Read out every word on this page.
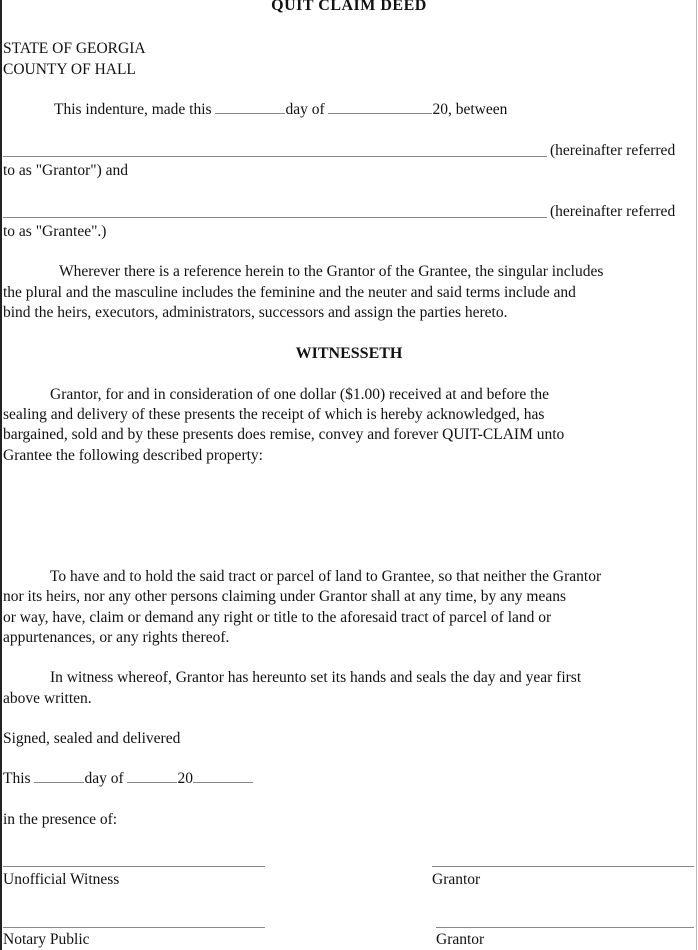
QUIT CLAIM DEED
STATE OF GEORGIA
COUNTY OF HALL
This indenture, made this	day of	20, between
(hereinafter referred
to as "Grantor") and
(hereinafter referred
to as "Grantee".)
Wherever there is a reference herein to the Grantor of the Grantee, the singular includes
the plural and the masculine includes the feminine and the neuter and said terms include and
bind the heirs, executors, administrators, successors and assign the parties hereto.
WITNESSETH
Grantor, for and in consideration of one dollar ($1.00) received at and before the
sealing and delivery of these presents the receipt of which is hereby acknowledged, has
bargained, sold and by these presents does remise, convey and forever QUIT-CLAIM unto
Grantee the following described property:
To have and to hold the said tract or parcel of land to Grantee, so that neither the Grantor
nor its heirs, nor any other persons claiming under Grantor shall at any time, by any means
or way, have, claim or demand any right or title to the aforesaid tract of parcel of land or
appurtenances, or any rights thereof.
In witness whereof, Grantor has hereunto set its hands and seals the day and year first
above written.
Signed, sealed and delivered
This	day of	20
in the presence of:
Unofficial Witness	Grantor
Notary Public	Grantor
